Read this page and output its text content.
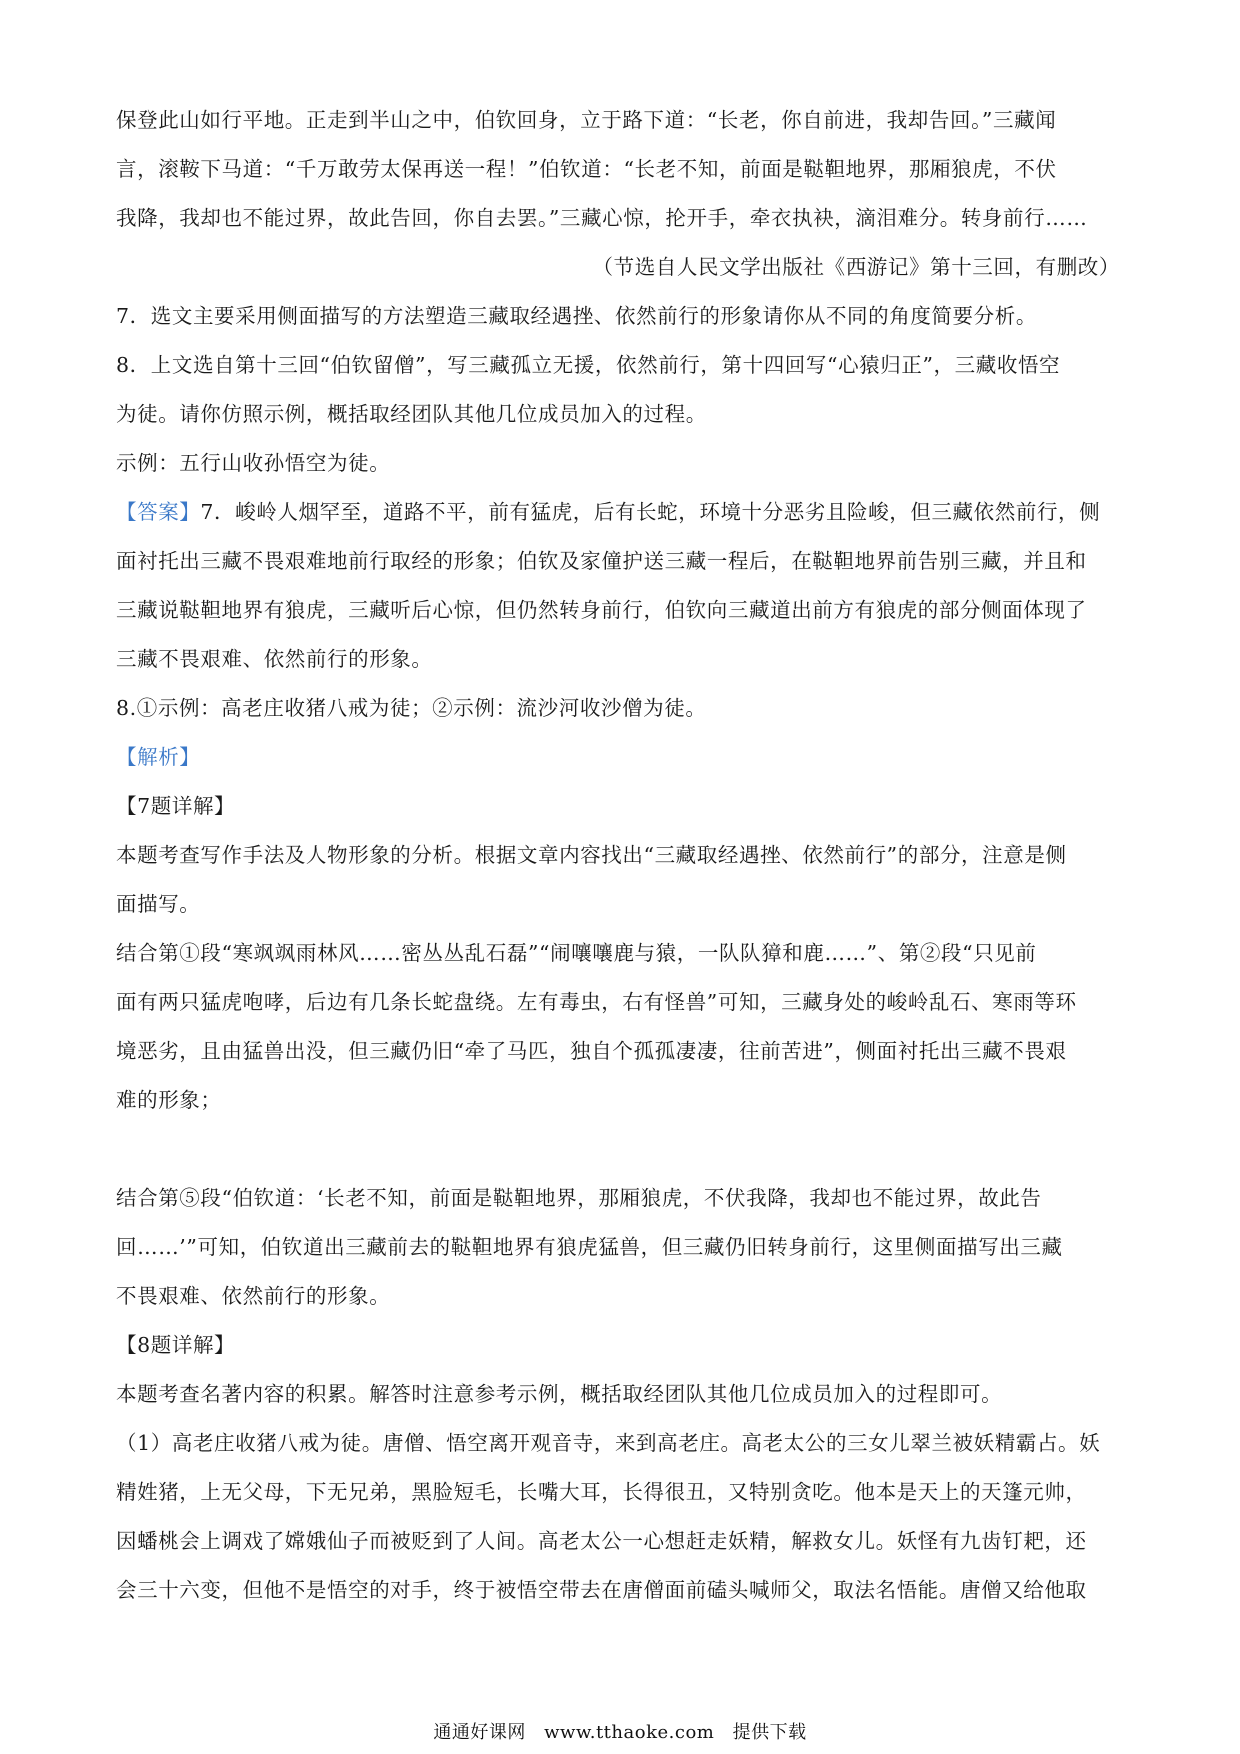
保登此山如行平地。正走到半山之中，伯钦回身，立于路下道：“长老，你自前进，我却告回。”三藏闻

言，滚鞍下马道：“千万敢劳太保再送一程！”伯钦道：“长老不知，前面是鞑靼地界，那厢狼虎，不伏

我降，我却也不能过界，故此告回，你自去罢。”三藏心惊，抡开手，牵衣执袂，滴泪难分。转身前行……

（节选自人民文学出版社《西游记》第十三回，有删改）

7．选文主要采用侧面描写的方法塑造三藏取经遇挫、依然前行的形象请你从不同的角度简要分析。

8．上文选自第十三回“伯钦留僧”，写三藏孤立无援，依然前行，第十四回写“心猿归正”，三藏收悟空

为徒。请你仿照示例，概括取经团队其他几位成员加入的过程。

示例：五行山收孙悟空为徒。

【答案】7．峻岭人烟罕至，道路不平，前有猛虎，后有长蛇，环境十分恶劣且险峻，但三藏依然前行，侧

面衬托出三藏不畏艰难地前行取经的形象；伯钦及家僮护送三藏一程后，在鞑靼地界前告别三藏，并且和

三藏说鞑靼地界有狼虎，三藏听后心惊，但仍然转身前行，伯钦向三藏道出前方有狼虎的部分侧面体现了

三藏不畏艰难、依然前行的形象。

8.①示例：高老庄收猪八戒为徒；②示例：流沙河收沙僧为徒。

【解析】

【7题详解】

本题考查写作手法及人物形象的分析。根据文章内容找出“三藏取经遇挫、依然前行”的部分，注意是侧

面描写。

结合第①段“寒飒飒雨林风……密丛丛乱石磊”“闹嚷嚷鹿与猿，一队队獐和鹿……”、第②段“只见前

面有两只猛虎咆哮，后边有几条长蛇盘绕。左有毒虫，右有怪兽”可知，三藏身处的峻岭乱石、寒雨等环

境恶劣，且由猛兽出没，但三藏仍旧“牵了马匹，独自个孤孤凄凄，往前苦进”，侧面衬托出三藏不畏艰

难的形象；

结合第⑤段“伯钦道：‘长老不知，前面是鞑靼地界，那厢狼虎，不伏我降，我却也不能过界，故此告

回……’”可知，伯钦道出三藏前去的鞑靼地界有狼虎猛兽，但三藏仍旧转身前行，这里侧面描写出三藏

不畏艰难、依然前行的形象。

【8题详解】

本题考查名著内容的积累。解答时注意参考示例，概括取经团队其他几位成员加入的过程即可。

（1）高老庄收猪八戒为徒。唐僧、悟空离开观音寺，来到高老庄。高老太公的三女儿翠兰被妖精霸占。妖

精姓猪，上无父母，下无兄弟，黑脸短毛，长嘴大耳，长得很丑，又特别贪吃。他本是天上的天篷元帅，

因蟠桃会上调戏了嫦娥仙子而被贬到了人间。高老太公一心想赶走妖精，解救女儿。妖怪有九齿钉耙，还

会三十六变，但他不是悟空的对手，终于被悟空带去在唐僧面前磕头喊师父，取法名悟能。唐僧又给他取

通通好课网 www.tthaoke.com 提供下载
